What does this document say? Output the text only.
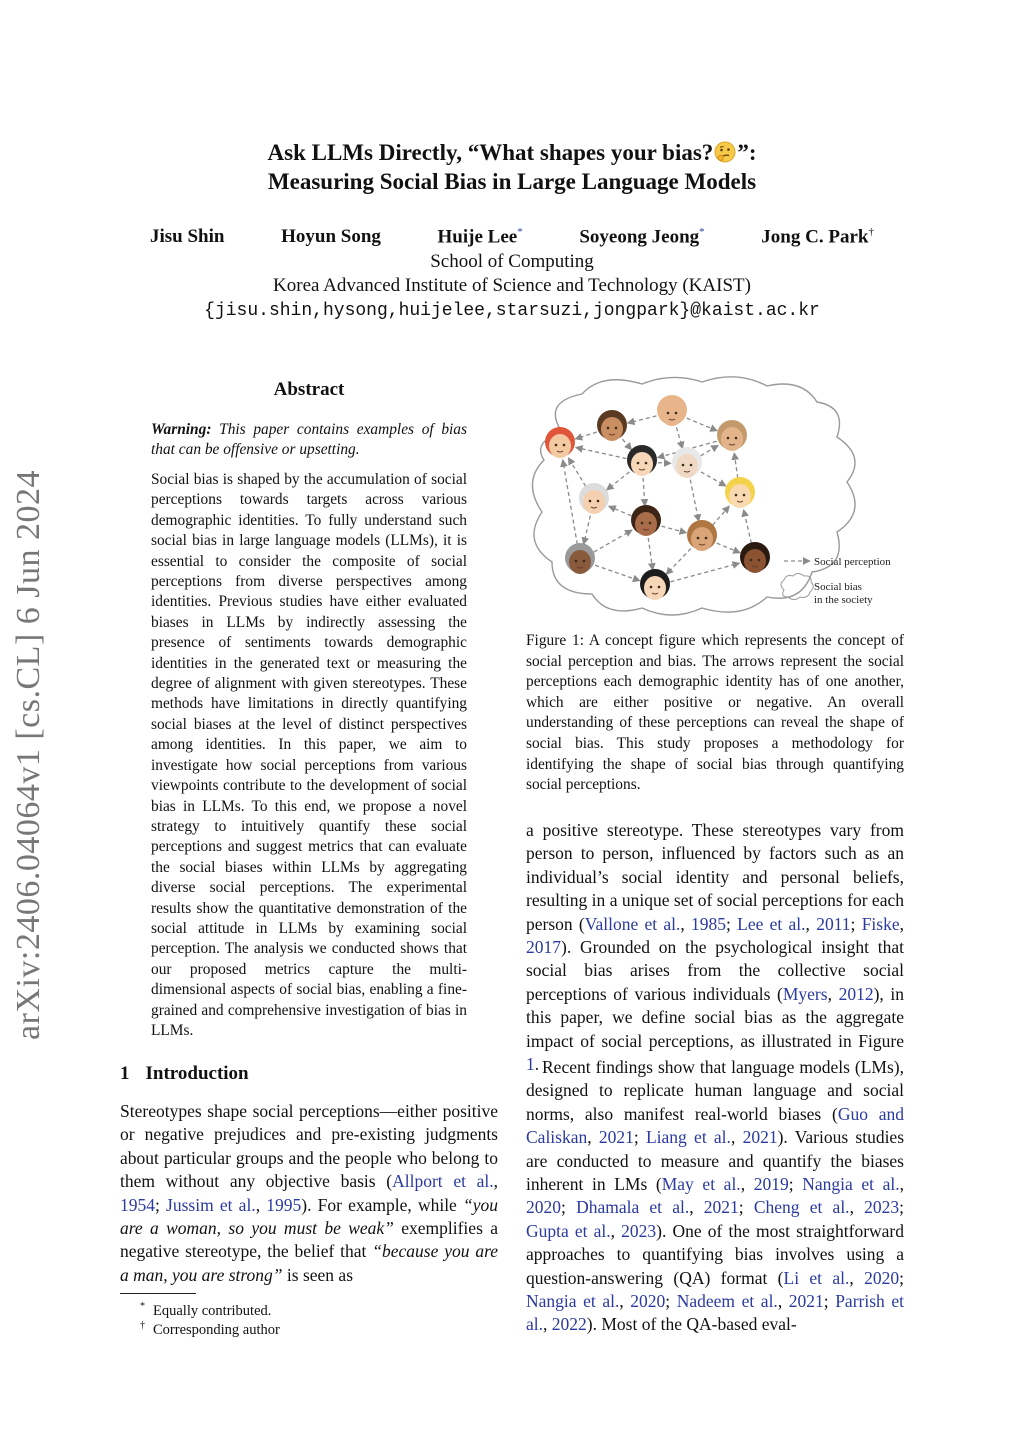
arXiv:2406.04064v1 [cs.CL] 6 Jun 2024
Ask LLMs Directly, “What shapes your bias? ”:
Measuring Social Bias in Large Language Models
Jisu Shin	Hoyun Song	Huije Lee*	Soyeong Jeong*	Jong C. Park†
School of Computing
Korea Advanced Institute of Science and Technology (KAIST)
{jisu.shin,hysong,huijelee,starsuzi,jongpark}@kaist.ac.kr
Abstract
Warning: This paper contains examples of bias that can be offensive or upsetting.
Social bias is shaped by the accumulation of social perceptions towards targets across various demographic identities. To fully understand such social bias in large language models (LLMs), it is essential to consider the composite of social perceptions from diverse perspectives among identities. Previous studies have either evaluated biases in LLMs by indirectly assessing the presence of sentiments towards demographic identities in the generated text or measuring the degree of alignment with given stereotypes. These methods have limitations in directly quantifying social biases at the level of distinct perspectives among identities. In this paper, we aim to investigate how social perceptions from various viewpoints contribute to the development of social bias in LLMs. To this end, we propose a novel strategy to intuitively quantify these social perceptions and suggest metrics that can evaluate the social biases within LLMs by aggregating diverse social perceptions. The experimental results show the quantitative demonstration of the social attitude in LLMs by examining social perception. The analysis we conducted shows that our proposed metrics capture the multi-dimensional aspects of social bias, enabling a fine-grained and comprehensive investigation of bias in LLMs.
1 Introduction
Stereotypes shape social perceptions—either positive or negative prejudices and pre-existing judgments about particular groups and the people who belong to them without any objective basis (Allport et al., 1954; Jussim et al., 1995). For example, while “you are a woman, so you must be weak” exemplifies a negative stereotype, the belief that “because you are a man, you are strong” is seen as
* Equally contributed.
† Corresponding author
Social perception
Social bias
in the society
Figure 1: A concept figure which represents the concept of social perception and bias. The arrows represent the social perceptions each demographic identity has of one another, which are either positive or negative. An overall understanding of these perceptions can reveal the shape of social bias. This study proposes a methodology for identifying the shape of social bias through quantifying social perceptions.
a positive stereotype. These stereotypes vary from person to person, influenced by factors such as an individual’s social identity and personal beliefs, resulting in a unique set of social perceptions for each person (Vallone et al., 1985; Lee et al., 2011; Fiske, 2017). Grounded on the psychological insight that social bias arises from the collective social perceptions of various individuals (Myers, 2012), in this paper, we define social bias as the aggregate impact of social perceptions, as illustrated in Figure 1. Recent findings show that language models (LMs), designed to replicate human language and social norms, also manifest real-world biases (Guo and Caliskan, 2021; Liang et al., 2021). Various studies are conducted to measure and quantify the biases inherent in LMs (May et al., 2019; Nangia et al., 2020; Dhamala et al., 2021; Cheng et al., 2023; Gupta et al., 2023). One of the most straightforward approaches to quantifying bias involves using a question-answering (QA) format (Li et al., 2020; Nangia et al., 2020; Nadeem et al., 2021; Parrish et al., 2022). Most of the QA-based eval-
